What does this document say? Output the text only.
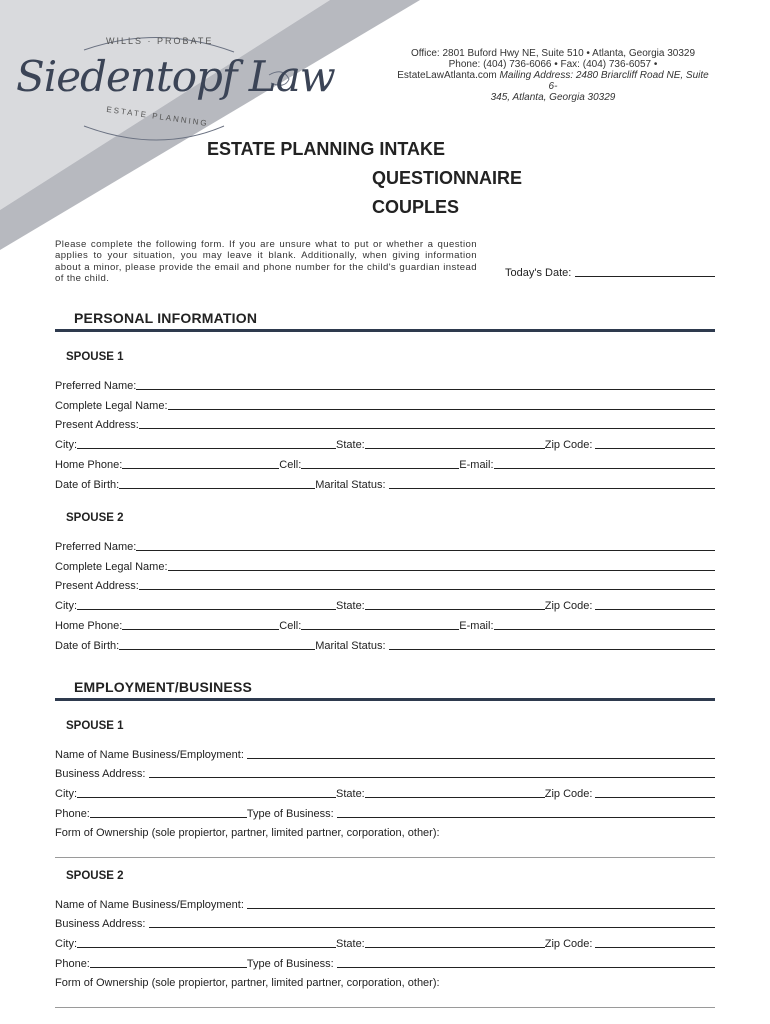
WILLS · PROBATE
Siedentopf Law
ESTATE PLANNING
Office: 2801 Buford Hwy NE, Suite 510 • Atlanta, Georgia 30329
Phone: (404) 736-6066 • Fax: (404) 736-6057 •
EstateLawAtlanta.com Mailing Address: 2480 Briarcliff Road NE, Suite 6-
345, Atlanta, Georgia 30329
ESTATE PLANNING INTAKE
QUESTIONNAIRE
COUPLES
Please complete the following form. If you are unsure what to put or whether a question applies to your situation, you may leave it blank. Additionally, when giving information about a minor, please provide the email and phone number for the child's guardian instead of the child.	Today's Date:
PERSONAL INFORMATION
SPOUSE 1
Preferred Name:
Complete Legal Name:
Present Address:
City:	State:	Zip Code:
Home Phone:	Cell:	E-mail:
Date of Birth:	Marital Status:
SPOUSE 2
Preferred Name:
Complete Legal Name:
Present Address:
City:	State:	Zip Code:
Home Phone:	Cell:	E-mail:
Date of Birth:	Marital Status:
EMPLOYMENT/BUSINESS
SPOUSE 1
Name of Name Business/Employment:
Business Address:
City:	State:	Zip Code:
Phone:	Type of Business:
Form of Ownership (sole propiertor, partner, limited partner, corporation, other):
SPOUSE 2
Name of Name Business/Employment:
Business Address:
City:	State:	Zip Code:
Phone:	Type of Business:
Form of Ownership (sole propiertor, partner, limited partner, corporation, other):
